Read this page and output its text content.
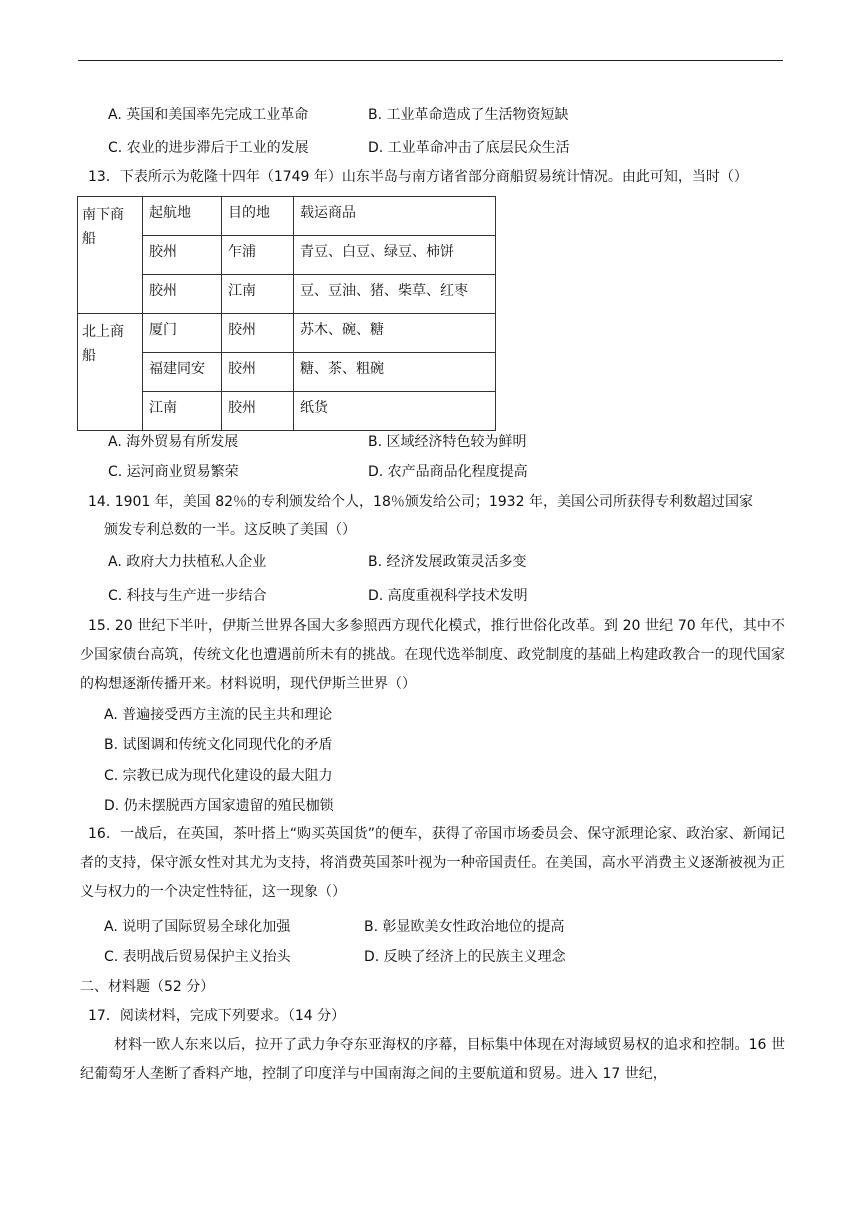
A. 英国和美国率先完成工业革命	B. 工业革命造成了生活物资短缺
C. 农业的进步滞后于工业的发展	D. 工业革命冲击了底层民众生活
13．下表所示为乾隆十四年（1749 年）山东半岛与南方诸省部分商船贸易统计情况。由此可知，当时（）
南下商船	起航地	目的地	载运商品
	胶州	乍浦	青豆、白豆、绿豆、柿饼
	胶州	江南	豆、豆油、猪、柴草、红枣
北上商船	厦门	胶州	苏木、碗、糖
	福建同安	胶州	糖、茶、粗碗
	江南	胶州	纸货
A. 海外贸易有所发展	B. 区域经济特色较为鲜明
C. 运河商业贸易繁荣	D. 农产品商品化程度提高
14. 1901 年，美国 82％的专利颁发给个人，18％颁发给公司；1932 年，美国公司所获得专利数超过国家
颁发专利总数的一半。这反映了美国（）
A. 政府大力扶植私人企业	B. 经济发展政策灵活多变
C. 科技与生产进一步结合	D. 高度重视科学技术发明
15. 20 世纪下半叶，伊斯兰世界各国大多参照西方现代化模式，推行世俗化改革。到 20 世纪 70 年代，其中不少国家债台高筑，传统文化也遭遇前所未有的挑战。在现代选举制度、政党制度的基础上构建政教合一的现代国家的构想逐渐传播开来。材料说明，现代伊斯兰世界（）
A. 普遍接受西方主流的民主共和理论
B. 试图调和传统文化同现代化的矛盾
C. 宗教已成为现代化建设的最大阻力
D. 仍未摆脱西方国家遗留的殖民枷锁
16．一战后，在英国，茶叶搭上“购买英国货”的便车，获得了帝国市场委员会、保守派理论家、政治家、新闻记者的支持，保守派女性对其尤为支持，将消费英国茶叶视为一种帝国责任。在美国，高水平消费主义逐渐被视为正义与权力的一个决定性特征，这一现象（）
A. 说明了国际贸易全球化加强	B. 彰显欧美女性政治地位的提高
C. 表明战后贸易保护主义抬头	D. 反映了经济上的民族主义理念
二、材料题（52 分）
17．阅读材料，完成下列要求。（14 分）
材料一欧人东来以后，拉开了武力争夺东亚海权的序幕，目标集中体现在对海域贸易权的追求和控制。16 世纪葡萄牙人垄断了香料产地，控制了印度洋与中国南海之间的主要航道和贸易。进入 17 世纪，
